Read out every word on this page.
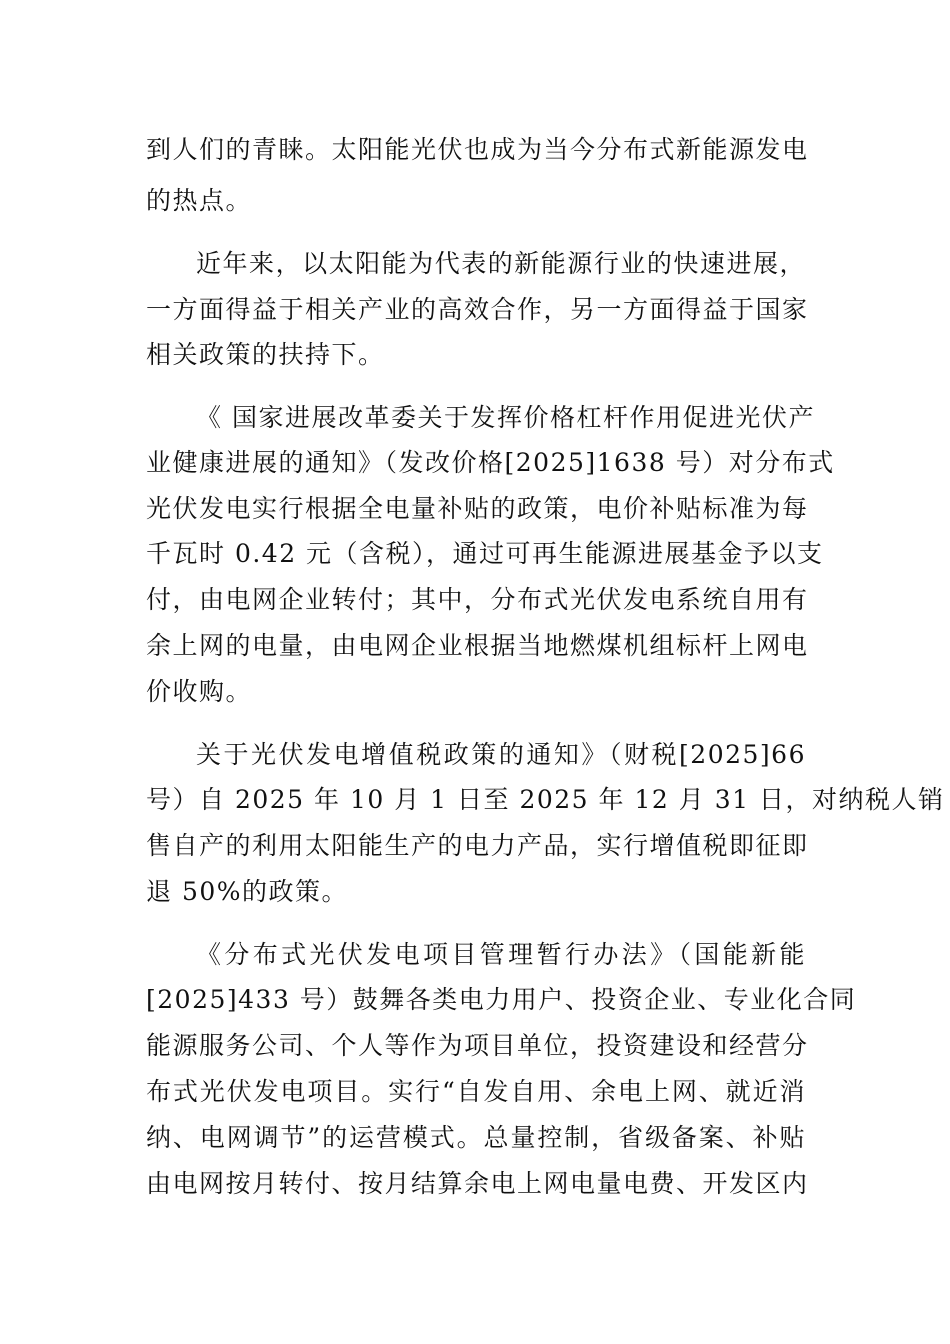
到人们的青睐。太阳能光伏也成为当今分布式新能源发电

的热点。

近年来，以太阳能为代表的新能源行业的快速进展，

一方面得益于相关产业的高效合作，另一方面得益于国家

相关政策的扶持下。

《 国家进展改革委关于发挥价格杠杆作用促进光伏产

业健康进展的通知》（发改价格[2025]1638 号）对分布式

光伏发电实行根据全电量补贴的政策，电价补贴标准为每

千瓦时 0.42 元（含税），通过可再生能源进展基金予以支

付，由电网企业转付；其中，分布式光伏发电系统自用有

余上网的电量，由电网企业根据当地燃煤机组标杆上网电

价收购。

关于光伏发电增值税政策的通知》（财税[2025]66

号）自 2025 年 10 月 1 日至 2025 年 12 月 31 日，对纳税人销

售自产的利用太阳能生产的电力产品，实行增值税即征即

退 50%的政策。

《分布式光伏发电项目管理暂行办法》（国能新能

[2025]433 号）鼓舞各类电力用户、投资企业、专业化合同

能源服务公司、个人等作为项目单位，投资建设和经营分

布式光伏发电项目。实行“自发自用、余电上网、就近消

纳、电网调节”的运营模式。总量控制，省级备案、补贴

由电网按月转付、按月结算余电上网电量电费、开发区内
